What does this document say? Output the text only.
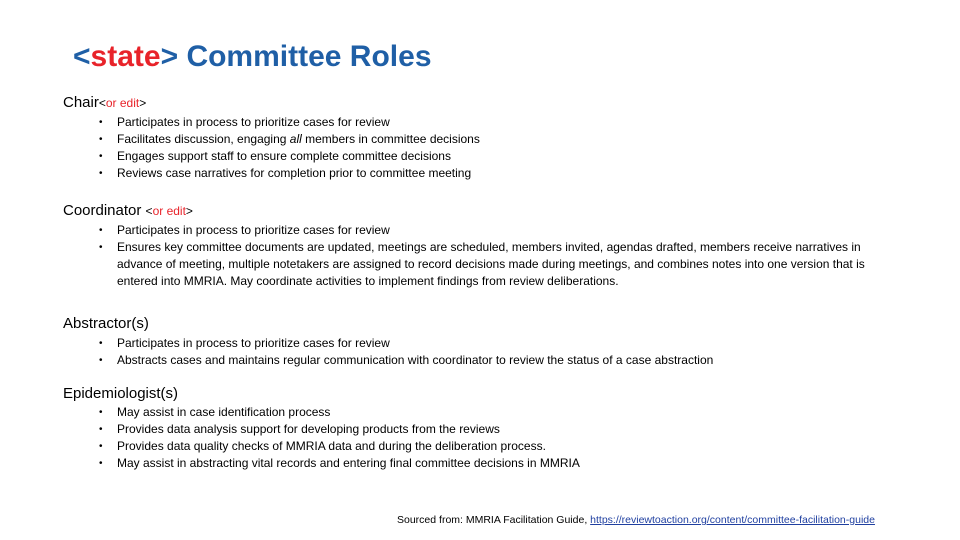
<state> Committee Roles
Chair<or edit>
• Participates in process to prioritize cases for review
• Facilitates discussion, engaging all members in committee decisions
• Engages support staff to ensure complete committee decisions
• Reviews case narratives for completion prior to committee meeting
Coordinator <or edit>
• Participates in process to prioritize cases for review
• Ensures key committee documents are updated, meetings are scheduled, members invited, agendas drafted, members receive narratives in advance of meeting, multiple notetakers are assigned to record decisions made during meetings, and combines notes into one version that is entered into MMRIA. May coordinate activities to implement findings from review deliberations.
Abstractor(s)
• Participates in process to prioritize cases for review
• Abstracts cases and maintains regular communication with coordinator to review the status of a case abstraction
Epidemiologist(s)
• May assist in case identification process
• Provides data analysis support for developing products from the reviews
• Provides data quality checks of MMRIA data and during the deliberation process.
• May assist in abstracting vital records and entering final committee decisions in MMRIA
Sourced from: MMRIA Facilitation Guide, https://reviewtoaction.org/content/committee-facilitation-guide
